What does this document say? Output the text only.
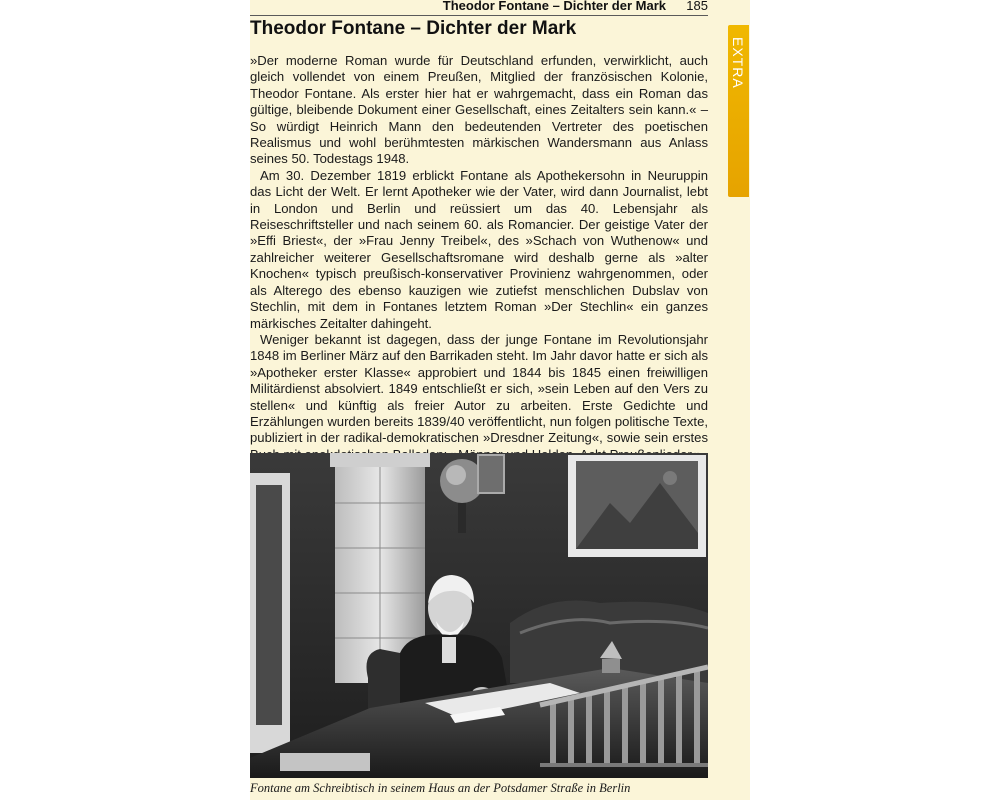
Theodor Fontane – Dichter der Mark 185
Theodor Fontane – Dichter der Mark

»Der moderne Roman wurde für Deutschland erfunden, verwirklicht, auch gleich vollendet von einem Preußen, Mitglied der französischen Kolonie, Theodor Fontane. Als erster hier hat er wahrgemacht, dass ein Roman das gültige, bleibende Dokument einer Gesellschaft, eines Zeitalters sein kann.« – So würdigt Heinrich Mann den bedeutenden Vertreter des poetischen Realismus und wohl berühmtesten märkischen Wandersmann aus Anlass seines 50. Todestags 1948.

Am 30. Dezember 1819 erblickt Fontane als Apothekersohn in Neuruppin das Licht der Welt. Er lernt Apotheker wie der Vater, wird dann Journalist, lebt in London und Berlin und reüssiert um das 40. Lebensjahr als Reiseschriftsteller und nach seinem 60. als Romancier. Der geistige Vater der »Effi Briest«, der »Frau Jenny Treibel«, des »Schach von Wuthenow« und zahlreicher weiterer Gesellschaftsromane wird deshalb gerne als »alter Knochen« typisch preußisch-konservativer Provinienz wahrgenommen, oder als Alterego des ebenso kauzigen wie zutiefst menschlichen Dubslav von Stechlin, mit dem in Fontanes letztem Roman »Der Stechlin« ein ganzes märkisches Zeitalter dahingeht.

Weniger bekannt ist dagegen, dass der junge Fontane im Revolutionsjahr 1848 im Berliner März auf den Barrikaden steht. Im Jahr davor hatte er sich als »Apotheker erster Klasse« approbiert und 1844 bis 1845 einen freiwilligen Militärdienst absolviert. 1849 entschließt er sich, »sein Leben auf den Vers zu stellen« und künftig als freier Autor zu arbeiten. Erste Gedichte und Erzählungen wurden bereits 1839/40 veröffentlicht, nun folgen politische Texte, publiziert in der radikal-demokratischen »Dresdner Zeitung«, sowie sein erstes

Fontane am Schreibtisch in seinem Haus an der Potsdamer Straße in Berlin
EXTRA
